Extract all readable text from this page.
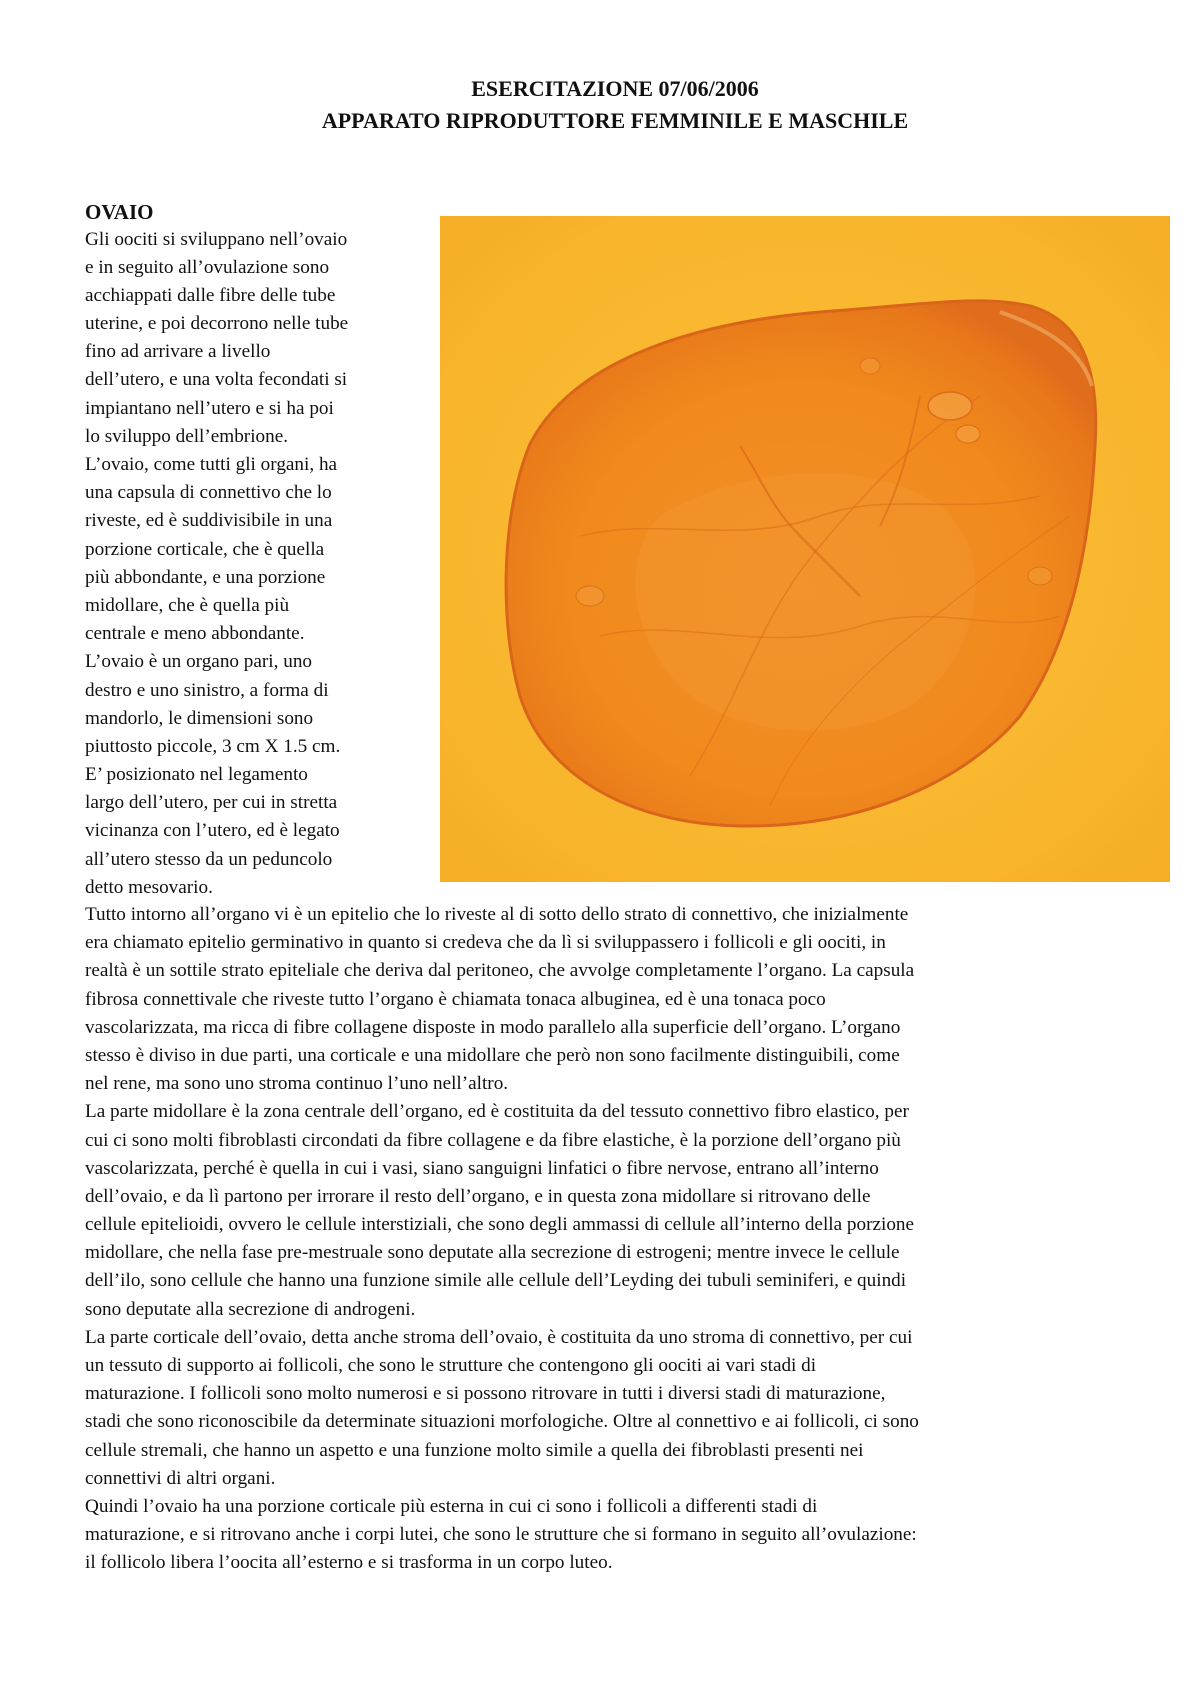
ESERCITAZIONE 07/06/2006
APPARATO RIPRODUTTORE FEMMINILE E MASCHILE
OVAIO
Gli oociti si sviluppano nell’ovaio
e in seguito all’ovulazione sono
acchiappati dalle fibre delle tube
uterine, e poi decorrono nelle tube
fino ad arrivare a livello
dell’utero, e una volta fecondati si
impiantano nell’utero e si ha poi
lo sviluppo dell’embrione.
L’ovaio, come tutti gli organi, ha
una capsula di connettivo che lo
riveste, ed è suddivisibile in una
porzione corticale, che è quella
più abbondante, e una porzione
midollare, che è quella più
centrale e meno abbondante.
L’ovaio è un organo pari, uno
destro e uno sinistro, a forma di
mandorlo, le dimensioni sono
piuttosto piccole, 3 cm X 1.5 cm.
E’ posizionato nel legamento
largo dell’utero, per cui in stretta
vicinanza con l’utero, ed è legato
all’utero stesso da un peduncolo
detto mesovario.
Tutto intorno all’organo vi è un epitelio che lo riveste al di sotto dello strato di connettivo, che inizialmente
era chiamato epitelio germinativo in quanto si credeva che da lì si sviluppassero i follicoli e gli oociti, in
realtà è un sottile strato epiteliale che deriva dal peritoneo, che avvolge completamente l’organo. La capsula
fibrosa connettivale che riveste tutto l’organo è chiamata tonaca albuginea, ed è una tonaca poco
vascolarizzata, ma ricca di fibre collagene disposte in modo parallelo alla superficie dell’organo. L’organo
stesso è diviso in due parti, una corticale e una midollare che però non sono facilmente distinguibili, come
nel rene, ma sono uno stroma continuo l’uno nell’altro.
La parte midollare è la zona centrale dell’organo, ed è costituita da del tessuto connettivo fibro elastico, per
cui ci sono molti fibroblasti circondati da fibre collagene e da fibre elastiche, è la porzione dell’organo più
vascolarizzata, perché è quella in cui i vasi, siano sanguigni linfatici o fibre nervose, entrano all’interno
dell’ovaio, e da lì partono per irrorare il resto dell’organo, e in questa zona midollare si ritrovano delle
cellule epitelioidi, ovvero le cellule interstiziali, che sono degli ammassi di cellule all’interno della porzione
midollare, che nella fase pre-mestruale sono deputate alla secrezione di estrogeni; mentre invece le cellule
dell’ilo, sono cellule che hanno una funzione simile alle cellule dell’Leyding dei tubuli seminiferi, e quindi
sono deputate alla secrezione di androgeni.
La parte corticale dell’ovaio, detta anche stroma dell’ovaio, è costituita da uno stroma di connettivo, per cui
un tessuto di supporto ai follicoli, che sono le strutture che contengono gli oociti ai vari stadi di
maturazione. I follicoli sono molto numerosi e si possono ritrovare in tutti i diversi stadi di maturazione,
stadi che sono riconoscibile da determinate situazioni morfologiche. Oltre al connettivo e ai follicoli, ci sono
cellule stremali, che hanno un aspetto e una funzione molto simile a quella dei fibroblasti presenti nei
connettivi di altri organi.
Quindi l’ovaio ha una porzione corticale più esterna in cui ci sono i follicoli a differenti stadi di
maturazione, e si ritrovano anche i corpi lutei, che sono le strutture che si formano in seguito all’ovulazione:
il follicolo libera l’oocita all’esterno e si trasforma in un corpo luteo.
